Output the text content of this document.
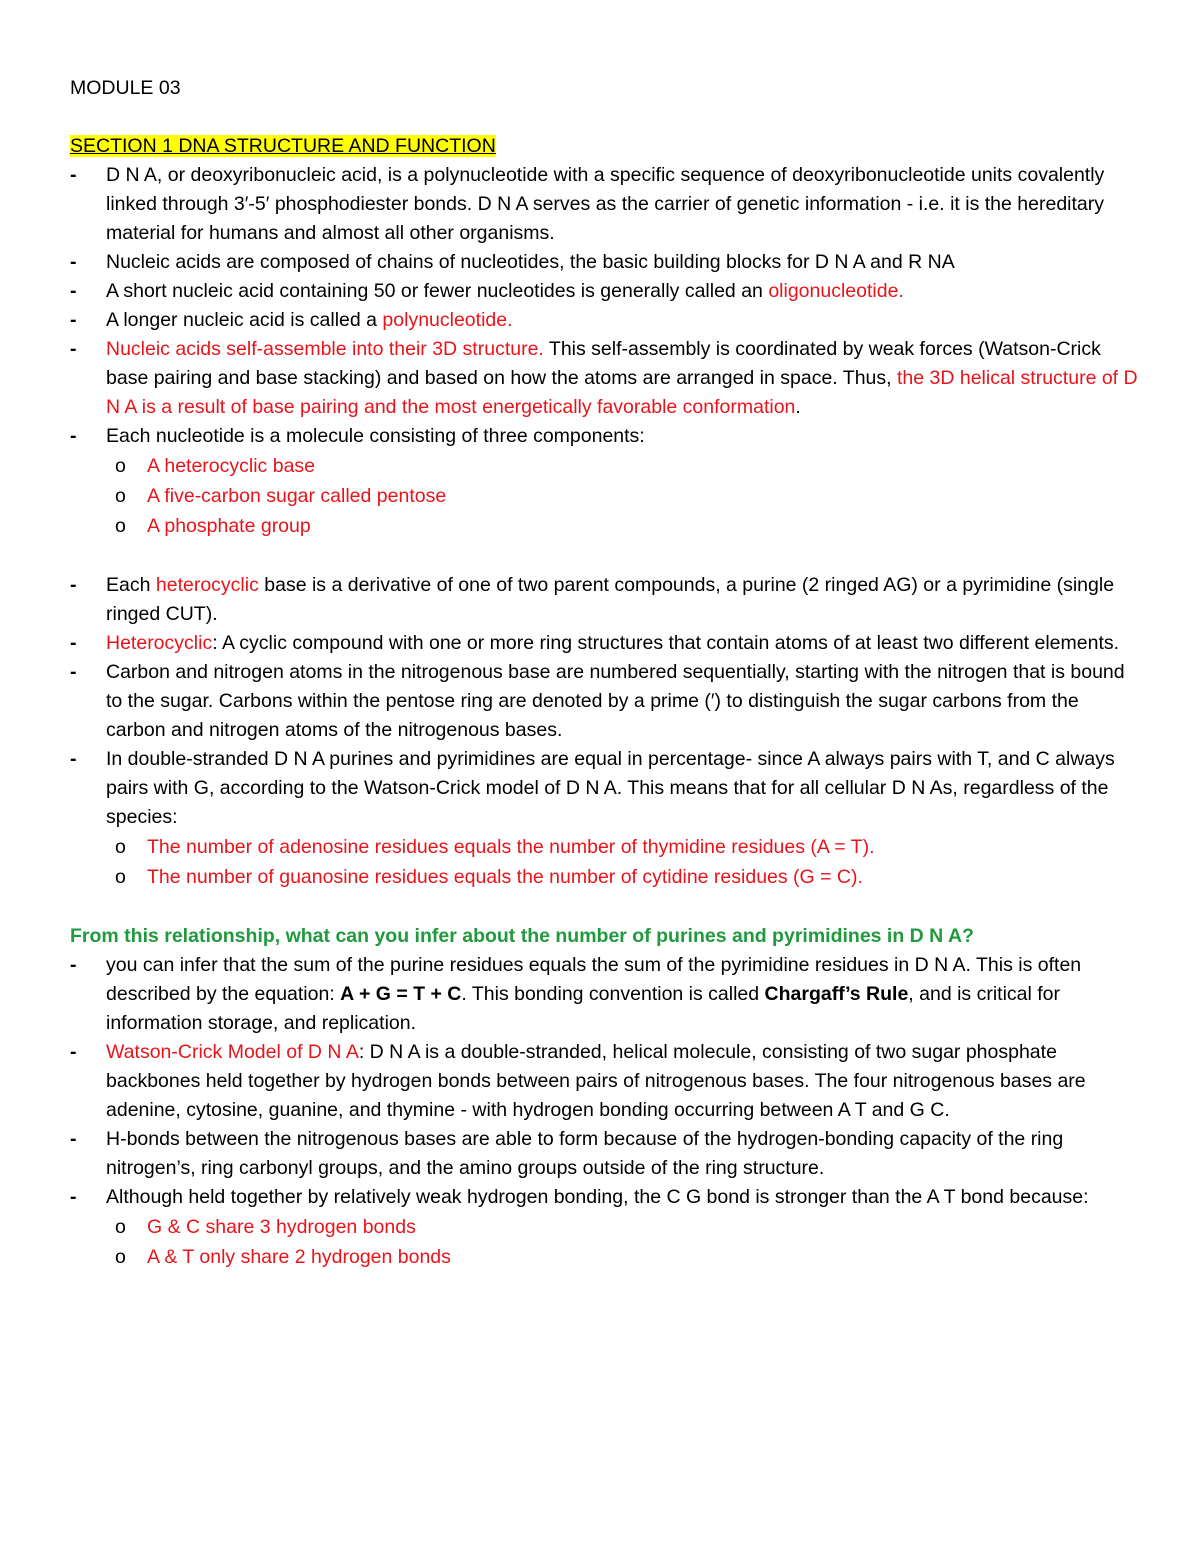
MODULE 03

SECTION 1 DNA STRUCTURE AND FUNCTION

- D N A, or deoxyribonucleic acid, is a polynucleotide with a specific sequence of deoxyribonucleotide units covalently linked through 3′-5′ phosphodiester bonds. D N A serves as the carrier of genetic information - i.e. it is the hereditary material for humans and almost all other organisms.

- Nucleic acids are composed of chains of nucleotides, the basic building blocks for D N A and R NA

- A short nucleic acid containing 50 or fewer nucleotides is generally called an oligonucleotide.

- A longer nucleic acid is called a polynucleotide.

- Nucleic acids self-assemble into their 3D structure. This self-assembly is coordinated by weak forces (Watson-Crick base pairing and base stacking) and based on how the atoms are arranged in space. Thus, the 3D helical structure of D N A is a result of base pairing and the most energetically favorable conformation.

- Each nucleotide is a molecule consisting of three components:

o A heterocyclic base

o A five-carbon sugar called pentose

o A phosphate group

- Each heterocyclic base is a derivative of one of two parent compounds, a purine (2 ringed AG) or a pyrimidine (single ringed CUT).

- Heterocyclic: A cyclic compound with one or more ring structures that contain atoms of at least two different elements.

- Carbon and nitrogen atoms in the nitrogenous base are numbered sequentially, starting with the nitrogen that is bound to the sugar. Carbons within the pentose ring are denoted by a prime (′) to distinguish the sugar carbons from the carbon and nitrogen atoms of the nitrogenous bases.

- In double-stranded D N A purines and pyrimidines are equal in percentage- since A always pairs with T, and C always pairs with G, according to the Watson-Crick model of D N A. This means that for all cellular D N As, regardless of the species:

o The number of adenosine residues equals the number of thymidine residues (A = T).

o The number of guanosine residues equals the number of cytidine residues (G = C).

From this relationship, what can you infer about the number of purines and pyrimidines in D N A?

- you can infer that the sum of the purine residues equals the sum of the pyrimidine residues in D N A. This is often described by the equation: A + G = T + C. This bonding convention is called Chargaff’s Rule, and is critical for information storage, and replication.

- Watson-Crick Model of D N A: D N A is a double-stranded, helical molecule, consisting of two sugar phosphate backbones held together by hydrogen bonds between pairs of nitrogenous bases. The four nitrogenous bases are adenine, cytosine, guanine, and thymine - with hydrogen bonding occurring between A T and G C.

- H-bonds between the nitrogenous bases are able to form because of the hydrogen-bonding capacity of the ring nitrogen’s, ring carbonyl groups, and the amino groups outside of the ring structure.

- Although held together by relatively weak hydrogen bonding, the C G bond is stronger than the A T bond because:

o G & C share 3 hydrogen bonds

o A & T only share 2 hydrogen bonds
